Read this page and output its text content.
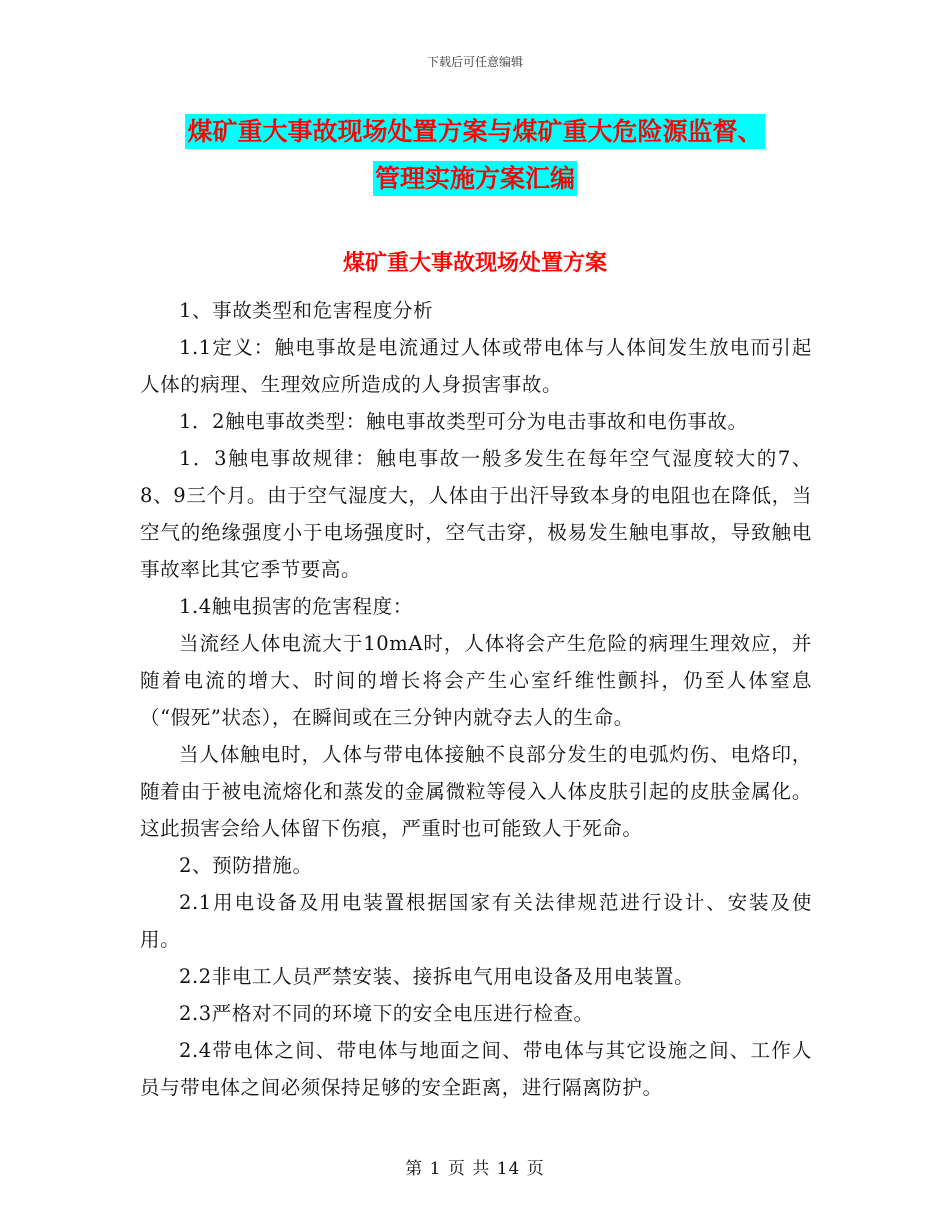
下载后可任意编辑
煤矿重大事故现场处置方案与煤矿重大危险源监督、
管理实施方案汇编
煤矿重大事故现场处置方案

1、事故类型和危害程度分析

1.1定义：触电事故是电流通过人体或带电体与人体间发生放电而引起人体的病理、生理效应所造成的人身损害事故。

1．2触电事故类型：触电事故类型可分为电击事故和电伤事故。

1．3触电事故规律：触电事故一般多发生在每年空气湿度较大的7、8、9三个月。由于空气湿度大，人体由于出汗导致本身的电阻也在降低，当空气的绝缘强度小于电场强度时，空气击穿，极易发生触电事故，导致触电事故率比其它季节要高。

1.4触电损害的危害程度：

当流经人体电流大于10mA时，人体将会产生危险的病理生理效应，并随着电流的增大、时间的增长将会产生心室纤维性颤抖，仍至人体窒息（“假死”状态），在瞬间或在三分钟内就夺去人的生命。

当人体触电时，人体与带电体接触不良部分发生的电弧灼伤、电烙印，随着由于被电流熔化和蒸发的金属微粒等侵入人体皮肤引起的皮肤金属化。这此损害会给人体留下伤痕，严重时也可能致人于死命。

2、预防措施。

2.1用电设备及用电装置根据国家有关法律规范进行设计、安装及使用。

2.2非电工人员严禁安装、接拆电气用电设备及用电装置。

2.3严格对不同的环境下的安全电压进行检查。

2.4带电体之间、带电体与地面之间、带电体与其它设施之间、工作人员与带电体之间必须保持足够的安全距离，进行隔离防护。

第 1 页 共 14 页
